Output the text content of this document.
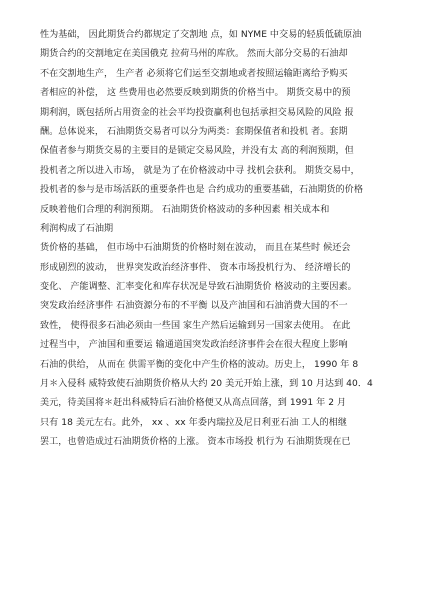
性为基础， 因此期货合约都规定了交割地 点，如 NYME 中交易的轻质低硫原油
期货合约的交割地定在美国俄克 拉荷马州的库欣。 然而大部分交易的石油却
不在交割地生产， 生产者 必须将它们运至交割地或者按照运输距离给予购买
者相应的补偿， 这 些费用也必然要反映到期货的价格当中。 期货交易中的预
期利润，既包括所占用资金的社会平均投资赢利也包括承担交易风险的风险 报
酬。总体说来， 石油期货交易者可以分为两类：套期保值者和投机 者。套期
保值者参与期货交易的主要目的是锁定交易风险，并没有太 高的利润预期，但
投机者之所以进入市场， 就是为了在价格波动中寻 找机会获利。 期货交易中，
投机者的参与是市场活跃的重要条件也是 合约成功的重要基础，石油期货的价格
反映着他们合理的利润预期。 石油期货价格波动的多种因素 相关成本和
利润构成了石油期
货价格的基础， 但市场中石油期货的价格时刻在波动， 而且在某些时 候还会
形成剧烈的波动， 世界突发政治经济事件、 资本市场投机行为、 经济增长的
变化、 产能调整、汇率变化和库存状况是导致石油期货价 格波动的主要因素。
突发政治经济事件 石油资源分布的不平衡 以及产油国和石油消费大国的不一
致性， 使得很多石油必须由一些国 家生产然后运输到另一国家去使用。 在此
过程当中， 产油国和重要运 输通道国突发政治经济事件会在很大程度上影响
石油的供给， 从而在 供需平衡的变化中产生价格的波动。历史上， 1990 年 8
月＊入侵科 威特致使石油期货价格从大约 20 美元开始上涨，到 10 月达到 40．4
美元，待美国将＊赶出科威特后石油价格便又从高点回落，到 1991 年 2 月
只有 18 美元左右。此外， xx 、xx 年委内瑞拉及尼日利亚石油 工人的相继
罢工，也曾造成过石油期货价格的上涨。 资本市场投 机行为 石油期货现在已
